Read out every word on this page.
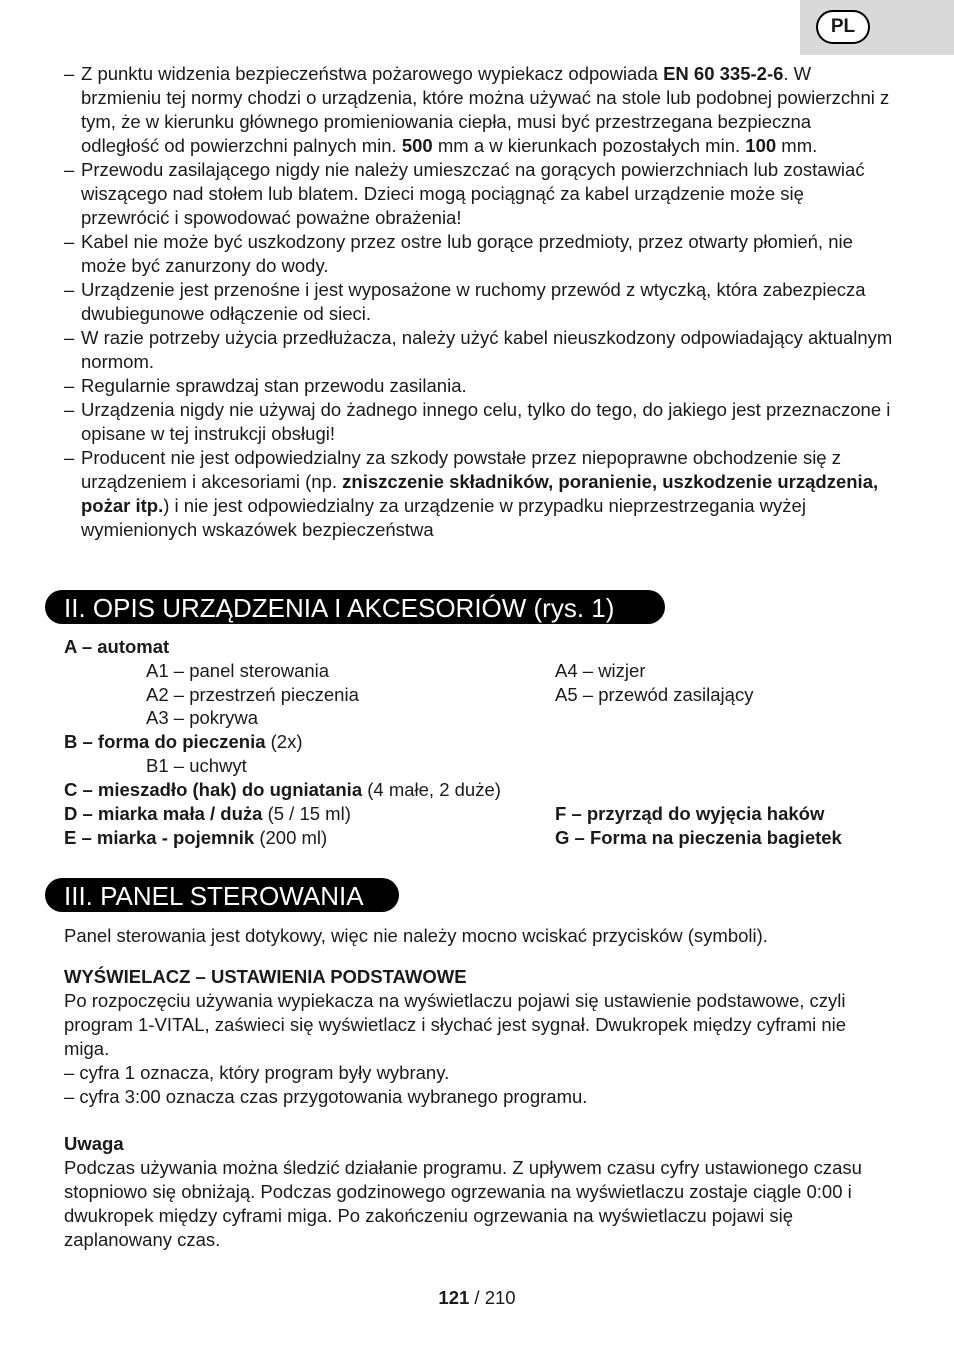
PL
– Z punktu widzenia bezpieczeństwa pożarowego wypiekacz odpowiada EN 60 335-2-6. W brzmieniu tej normy chodzi o urządzenia, które można używać na stole lub podobnej powierzchni z tym, że w kierunku głównego promieniowania ciepła, musi być przestrzegana bezpieczna odległość od powierzchni palnych min. 500 mm a w kierunkach pozostałych min. 100 mm.
– Przewodu zasilającego nigdy nie należy umieszczać na gorących powierzchniach lub zostawiać wiszącego nad stołem lub blatem. Dzieci mogą pociągnąć za kabel urządzenie może się przewrócić i spowodować poważne obrażenia!
– Kabel nie może być uszkodzony przez ostre lub gorące przedmioty, przez otwarty płomień, nie może być zanurzony do wody.
– Urządzenie jest przenośne i jest wyposażone w ruchomy przewód z wtyczką, która zabezpiecza dwubiegunowe odłączenie od sieci.
– W razie potrzeby użycia przedłużacza, należy użyć kabel nieuszkodzony odpowiadający aktualnym normom.
– Regularnie sprawdzaj stan przewodu zasilania.
– Urządzenia nigdy nie używaj do żadnego innego celu, tylko do tego, do jakiego jest przeznaczone i opisane w tej instrukcji obsługi!
– Producent nie jest odpowiedzialny za szkody powstałe przez niepoprawne obchodzenie się z urządzeniem i akcesoriami (np. zniszczenie składników, poranienie, uszkodzenie urządzenia, pożar itp.) i nie jest odpowiedzialny za urządzenie w przypadku nieprzestrzegania wyżej wymienionych wskazówek bezpieczeństwa
II. OPIS URZĄDZENIA I AKCESORIÓW (rys. 1)
A – automat
A1 – panel sterowania	A4 – wizjer
A2 – przestrzeń pieczenia	A5 – przewód zasilający
A3 – pokrywa
B – forma do pieczenia (2x)
B1 – uchwyt
C – mieszadło (hak) do ugniatania (4 małe, 2 duże)
D – miarka mała / duża (5 / 15 ml)	F – przyrząd do wyjęcia haków
E – miarka - pojemnik (200 ml)	G – Forma na pieczenia bagietek
III. PANEL STEROWANIA
Panel sterowania jest dotykowy, więc nie należy mocno wciskać przycisków (symboli).
WYŚWIELACZ – USTAWIENIA PODSTAWOWE
Po rozpoczęciu używania wypiekacza na wyświetlaczu pojawi się ustawienie podstawowe, czyli program 1-VITAL, zaświeci się wyświetlacz i słychać jest sygnał. Dwukropek między cyframi nie miga.
– cyfra 1 oznacza, który program były wybrany.
– cyfra 3:00 oznacza czas przygotowania wybranego programu.
Uwaga
Podczas używania można śledzić działanie programu. Z upływem czasu cyfry ustawionego czasu stopniowo się obniżają. Podczas godzinowego ogrzewania na wyświetlaczu zostaje ciągle 0:00 i dwukropek między cyframi miga. Po zakończeniu ogrzewania na wyświetlaczu pojawi się zaplanowany czas.
121 / 210
